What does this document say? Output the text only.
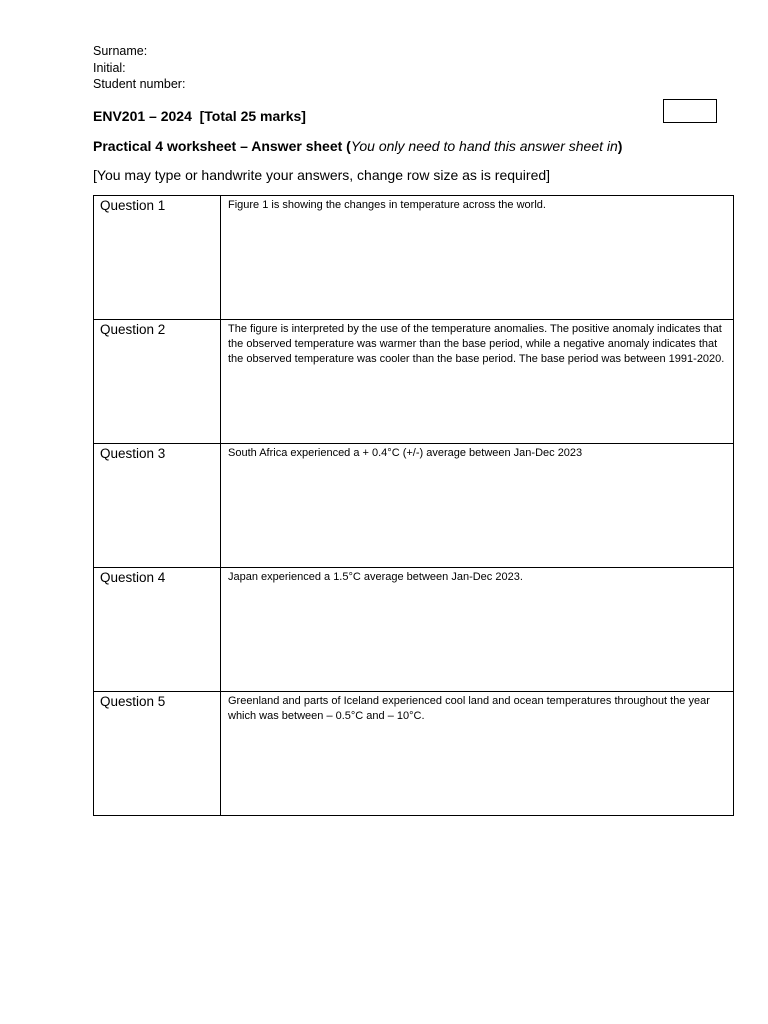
Surname:
Initial:
Student number:
ENV201 – 2024  [Total 25 marks]
Practical 4 worksheet – Answer sheet (You only need to hand this answer sheet in)
[You may type or handwrite your answers, change row size as is required]
Question 1	Figure 1 is showing the changes in temperature across the world.
Question 2	The figure is interpreted by the use of the temperature anomalies. The positive anomaly indicates that the observed temperature was warmer than the base period, while a negative anomaly indicates that the observed temperature was cooler than the base period. The base period was between 1991-2020.
Question 3	South Africa experienced a + 0.4°C (+/-) average between Jan-Dec 2023
Question 4	Japan experienced a 1.5°C average between Jan-Dec 2023.
Question 5	Greenland and parts of Iceland experienced cool land and ocean temperatures throughout the year which was between – 0.5°C and – 10°C.
